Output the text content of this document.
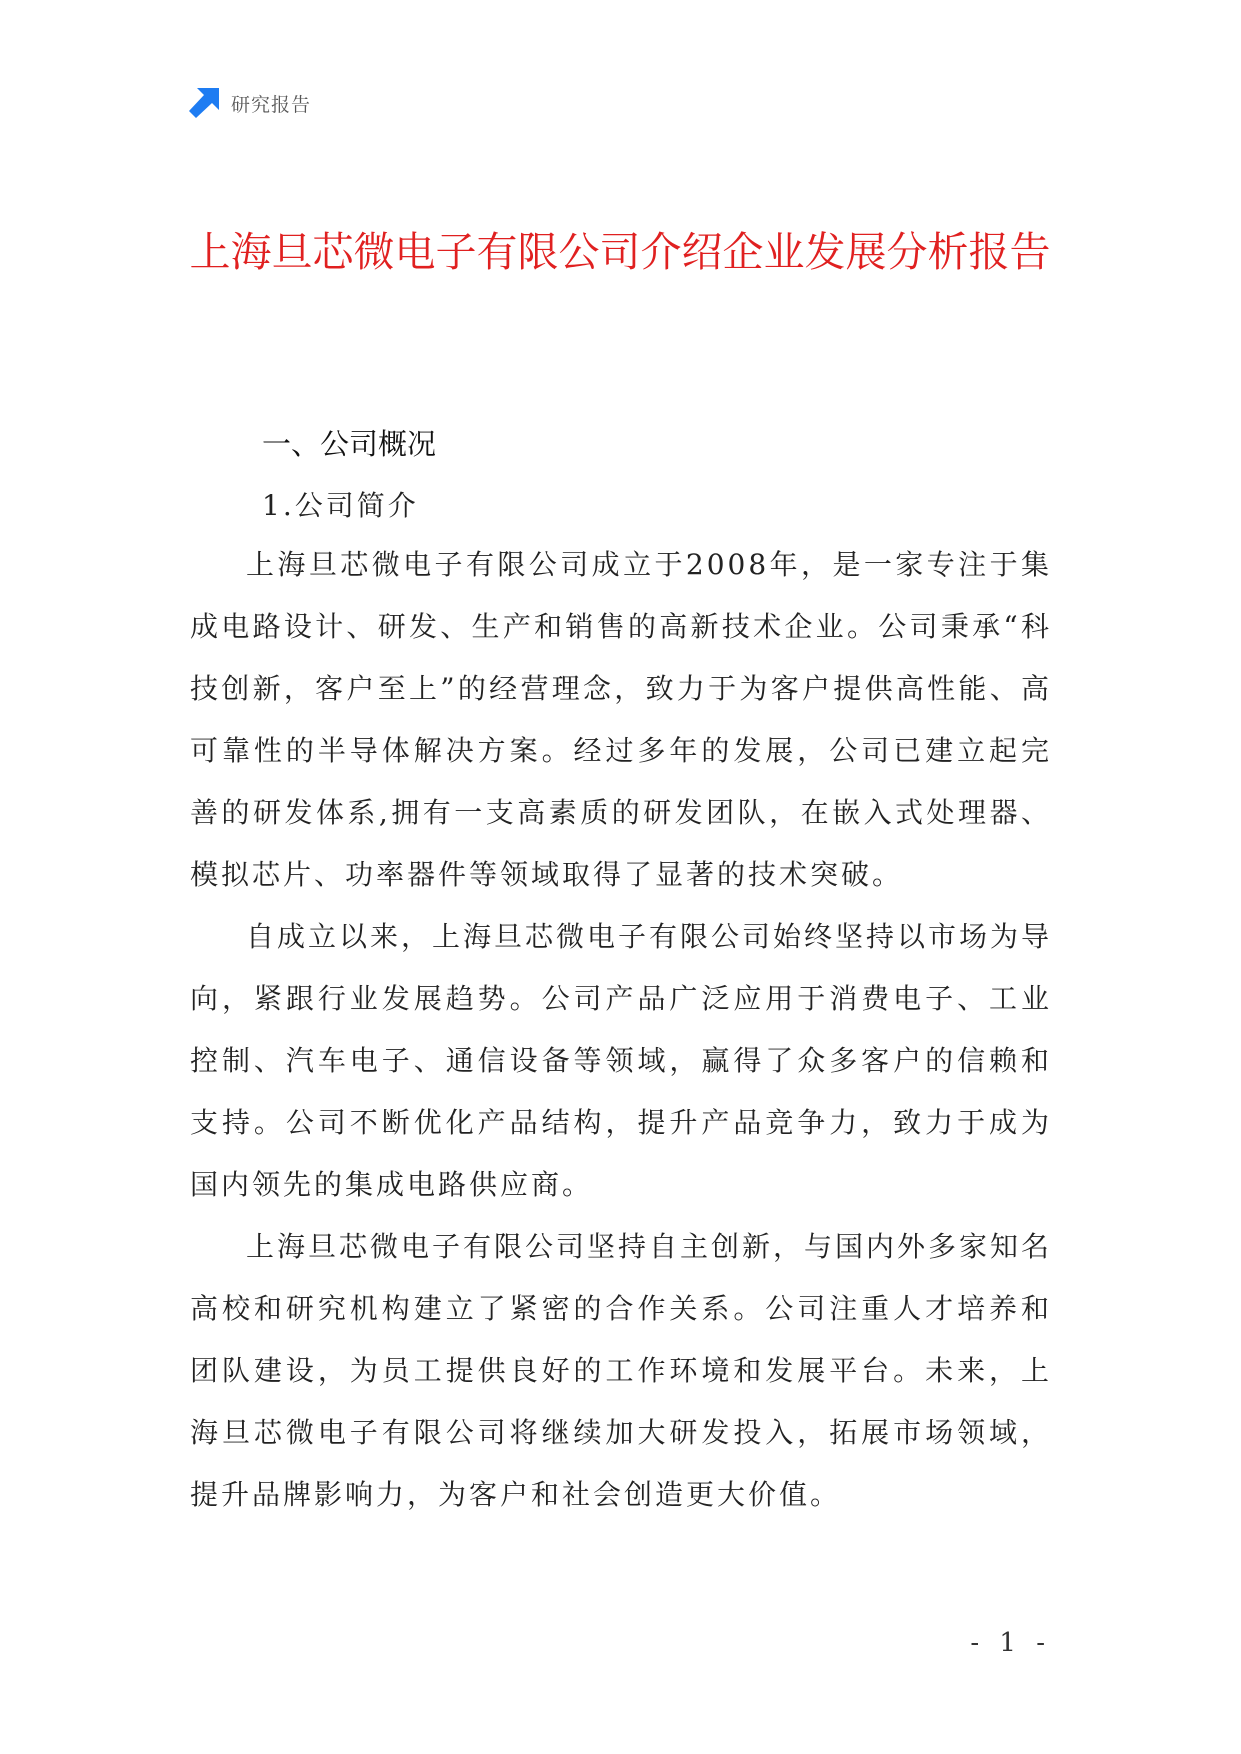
研究报告
上海旦芯微电子有限公司介绍企业发展分析报告
一、公司概况
1.公司简介

上海旦芯微电子有限公司成立于2008年，是一家专注于集成电路设计、研发、生产和销售的高新技术企业。公司秉承“科技创新，客户至上”的经营理念，致力于为客户提供高性能、高可靠性的半导体解决方案。经过多年的发展，公司已建立起完善的研发体系,拥有一支高素质的研发团队，在嵌入式处理器、模拟芯片、功率器件等领域取得了显著的技术突破。

自成立以来，上海旦芯微电子有限公司始终坚持以市场为导向，紧跟行业发展趋势。公司产品广泛应用于消费电子、工业控制、汽车电子、通信设备等领域，赢得了众多客户的信赖和支持。公司不断优化产品结构，提升产品竞争力，致力于成为国内领先的集成电路供应商。

上海旦芯微电子有限公司坚持自主创新，与国内外多家知名高校和研究机构建立了紧密的合作关系。公司注重人才培养和团队建设，为员工提供良好的工作环境和发展平台。未来，上海旦芯微电子有限公司将继续加大研发投入，拓展市场领域，提升品牌影响力，为客户和社会创造更大价值。

- 1 -
